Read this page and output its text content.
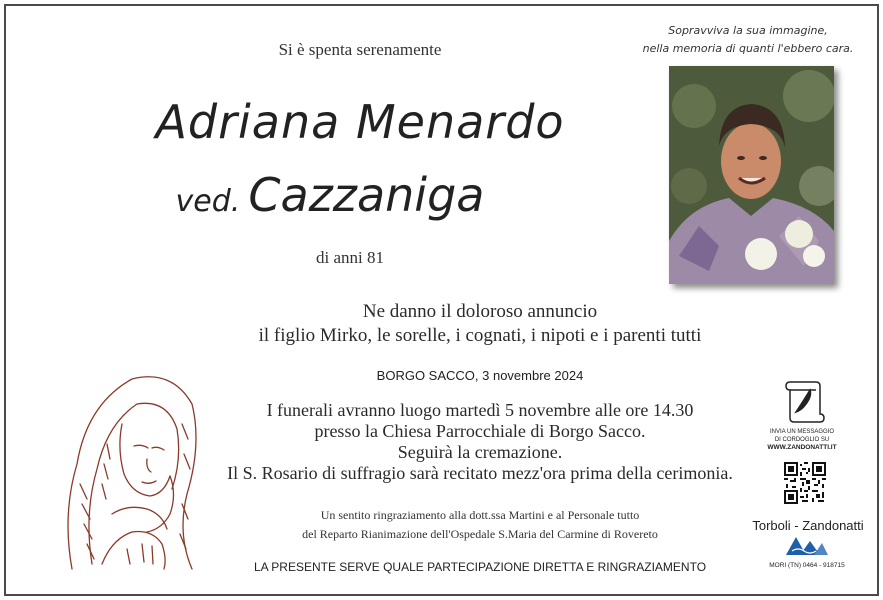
Si è spenta serenamente
Adriana Menardo
ved. Cazzaniga
di anni 81
Sopravviva la sua immagine,
nella memoria di quanti l'ebbero cara.
Ne danno il doloroso annuncio
il figlio Mirko, le sorelle, i cognati, i nipoti e i parenti tutti
BORGO SACCO, 3 novembre 2024
I funerali avranno luogo martedì 5 novembre alle ore 14.30
presso la Chiesa Parrocchiale di Borgo Sacco.
Seguirà la cremazione.
Il S. Rosario di suffragio sarà recitato mezz'ora prima della cerimonia.
Un sentito ringraziamento alla dott.ssa Martini e al Personale tutto
del Reparto Rianimazione dell'Ospedale S.Maria del Carmine di Rovereto
LA PRESENTE SERVE QUALE PARTECIPAZIONE DIRETTA E RINGRAZIAMENTO
INVIA UN MESSAGGIO
DI CORDOGLIO SU
WWW.ZANDONATTI.IT
Torboli - Zandonatti
MORI (TN) 0464 - 918715
